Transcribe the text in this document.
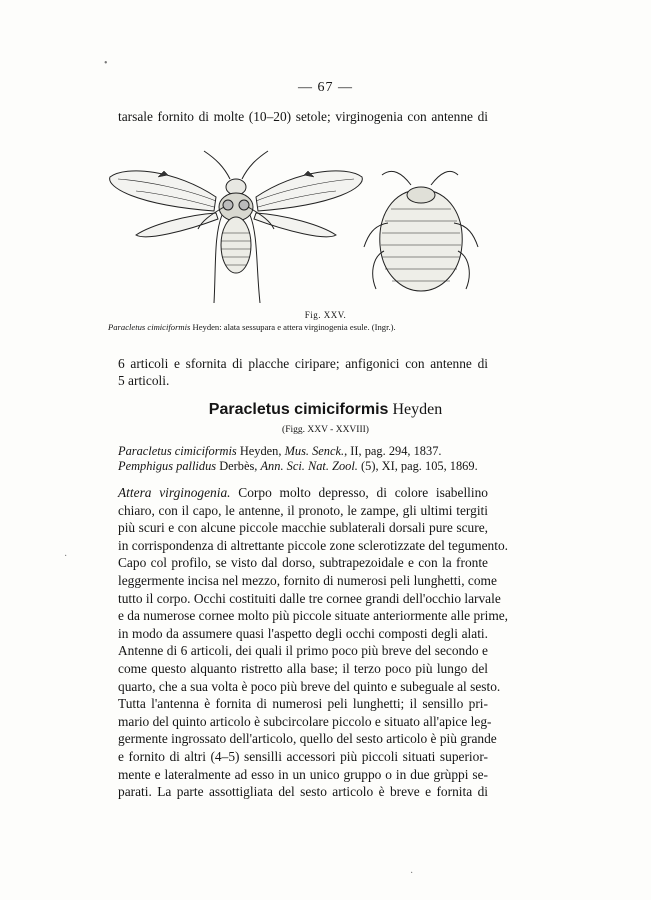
•
— 67 —
tarsale fornito di molte (10–20) setole; virginogenia con antenne di
Fig. XXV.
Paracletus cimiciformis Heyden: alata sessupara e attera virginogenia esule. (Ingr.).
6 articoli e sfornita di placche ciripare; anfigonici con antenne di
5 articoli.
Paracletus cimiciformis Heyden
(Figg. XXV - XXVIII)
Paracletus cimiciformis Heyden, Mus. Senck., II, pag. 294, 1837.
Pemphigus pallidus Derbès, Ann. Sci. Nat. Zool. (5), XI, pag. 105, 1869.
Attera virginogenia. Corpo molto depresso, di colore isabellino
chiaro, con il capo, le antenne, il pronoto, le zampe, gli ultimi tergiti
più scuri e con alcune piccole macchie sublaterali dorsali pure scure,
in corrispondenza di altrettante piccole zone sclerotizzate del tegumento.
Capo col profilo, se visto dal dorso, subtrapezoidale e con la fronte
leggermente incisa nel mezzo, fornito di numerosi peli lunghetti, come
tutto il corpo. Occhi costituiti dalle tre cornee grandi dell'occhio larvale
e da numerose cornee molto più piccole situate anteriormente alle prime,
in modo da assumere quasi l'aspetto degli occhi composti degli alati.
Antenne di 6 articoli, dei quali il primo poco più breve del secondo e
come questo alquanto ristretto alla base; il terzo poco più lungo del
quarto, che a sua volta è poco più breve del quinto e subeguale al sesto.
Tutta l'antenna è fornita di numerosi peli lunghetti; il sensillo pri-
mario del quinto articolo è subcircolare piccolo e situato all'apice leg-
germente ingrossato dell'articolo, quello del sesto articolo è più grande
e fornito di altri (4–5) sensilli accessori più piccoli situati superior-
mente e lateralmente ad esso in un unico gruppo o in due grùppi se-
parati. La parte assottigliata del sesto articolo è breve e fornita di
·
·
